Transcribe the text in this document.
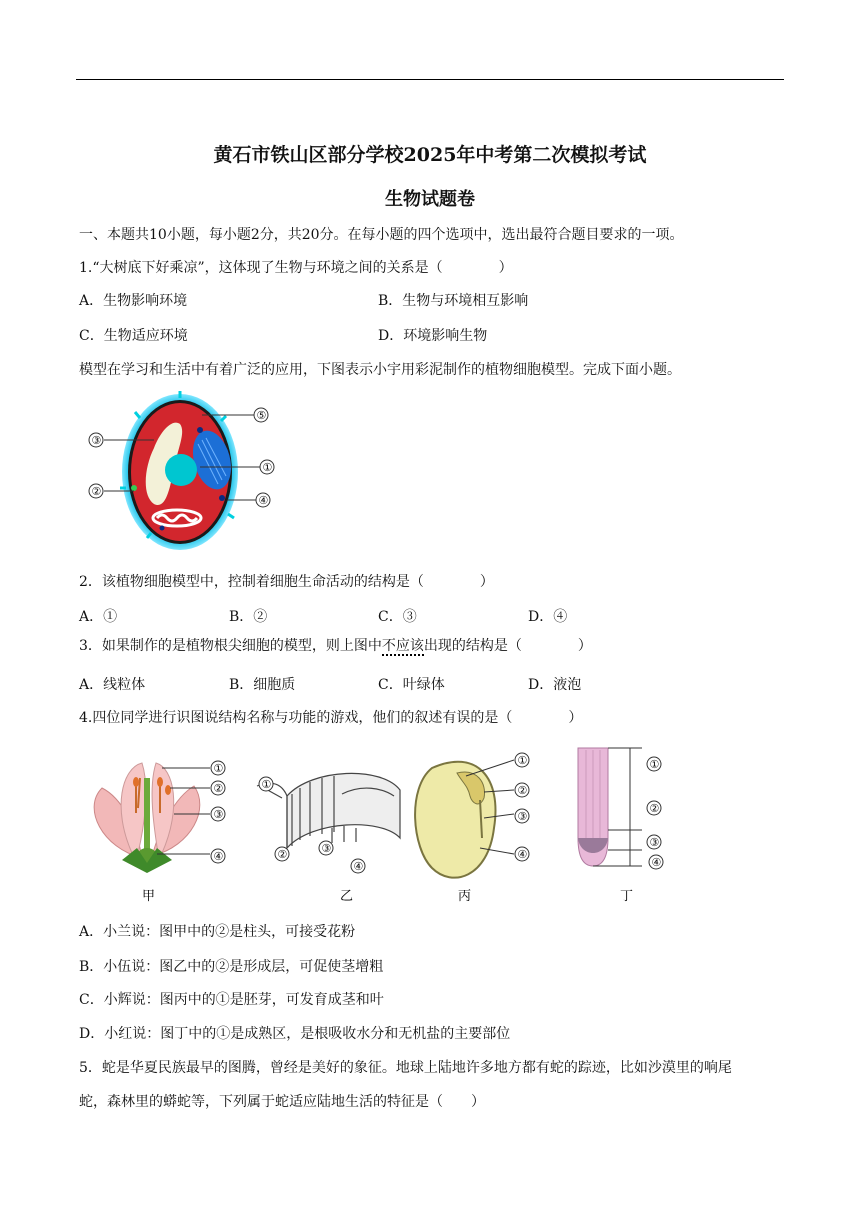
黄石市铁山区部分学校2025年中考第二次模拟考试
生物试题卷
一、本题共10小题，每小题2分，共20分。在每小题的四个选项中，选出最符合题目要求的一项。
1.“大树底下好乘凉”，这体现了生物与环境之间的关系是（　　　　）
A．生物影响环境	B．生物与环境相互影响
C．生物适应环境	D．环境影响生物
模型在学习和生活中有着广泛的应用，下图表示小宇用彩泥制作的植物细胞模型。完成下面小题。
③
⑤
①
②
④
2．该植物细胞模型中，控制着细胞生命活动的结构是（　　　　）
A．①	B．②	C．③	D．④
3．如果制作的是植物根尖细胞的模型，则上图中不应该出现的结构是（　　　　）
A．线粒体	B．细胞质	C．叶绿体	D．液泡
4.四位同学进行识图说结构名称与功能的游戏，他们的叙述有误的是（　　　　）
①
②
③
④
①
②	③
④
①
②
③
④
①
②
③
④
甲	乙	丙	丁
A．小兰说：图甲中的②是柱头，可接受花粉
B．小伍说：图乙中的②是形成层，可促使茎增粗
C．小辉说：图丙中的①是胚芽，可发育成茎和叶
D．小红说：图丁中的①是成熟区，是根吸收水分和无机盐的主要部位
5．蛇是华夏民族最早的图腾，曾经是美好的象征。地球上陆地许多地方都有蛇的踪迹，比如沙漠里的响尾
蛇，森林里的蟒蛇等，下列属于蛇适应陆地生活的特征是（　　）
